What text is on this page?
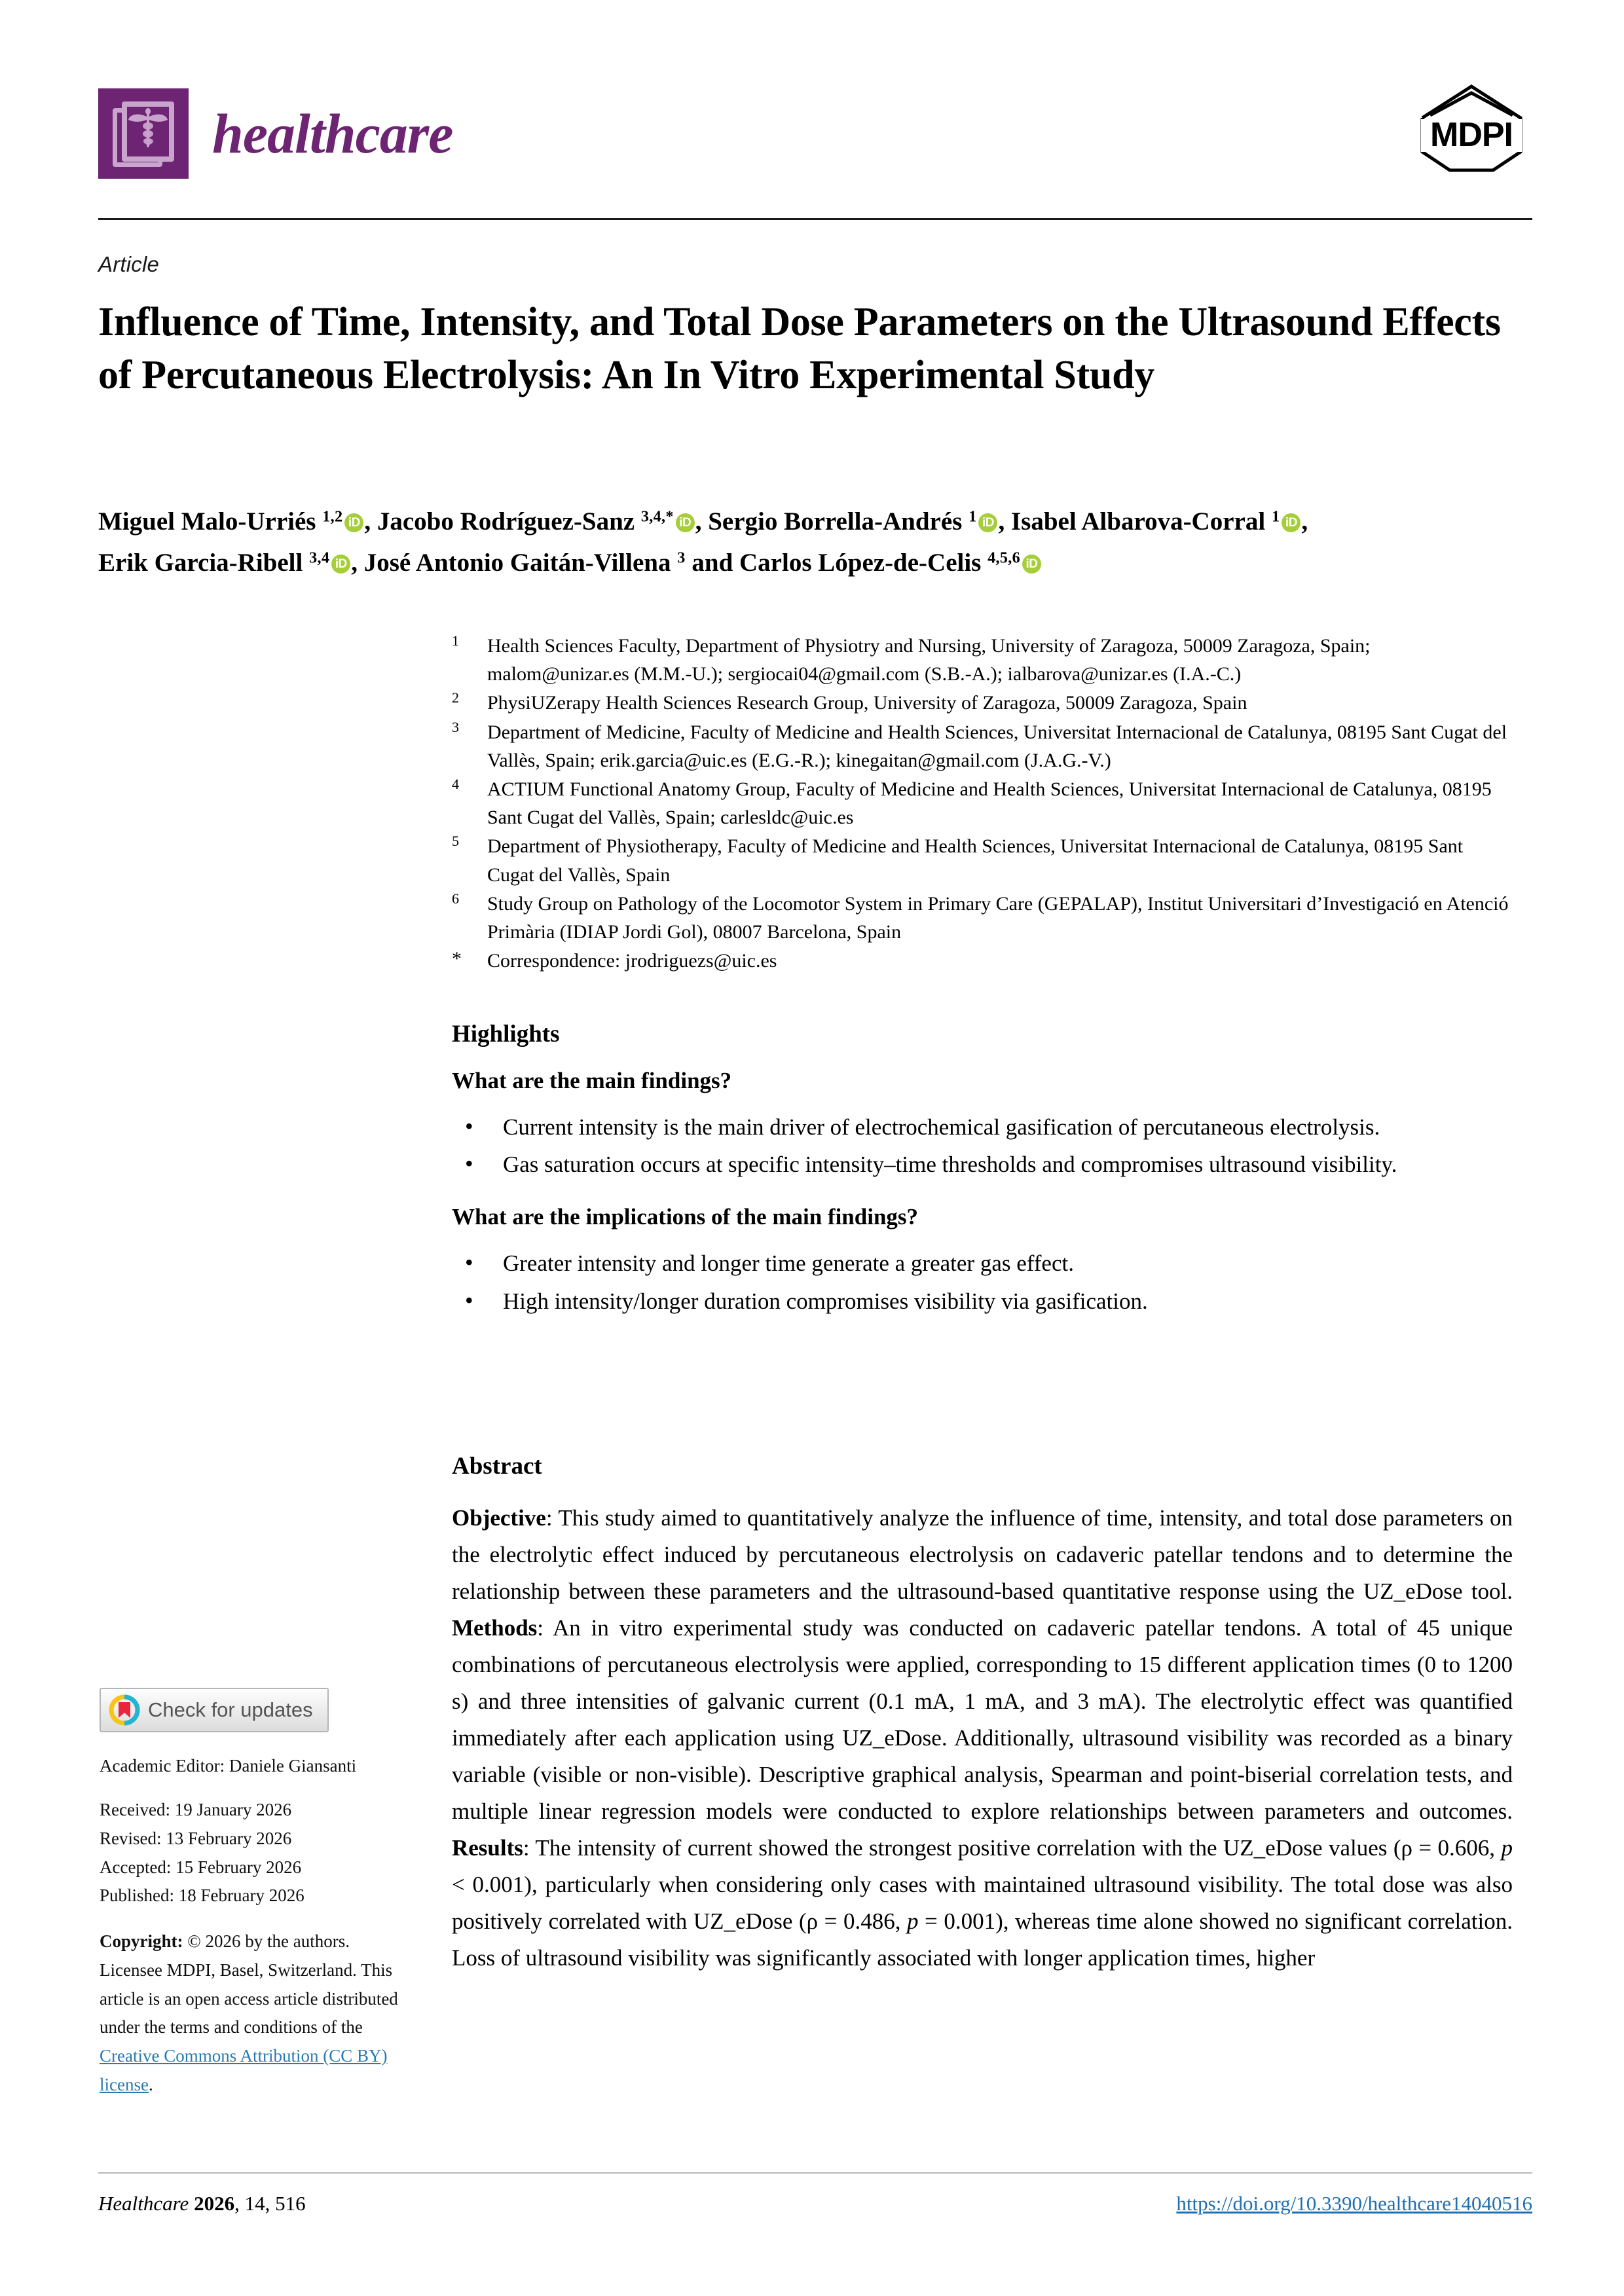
healthcare	MDPI
Article
Influence of Time, Intensity, and Total Dose Parameters on the Ultrasound Effects of Percutaneous Electrolysis: An In Vitro Experimental Study
Miguel Malo-Urriés $^{1,2}$ iD , Jacobo Rodríguez-Sanz $^{3,4,*}$ iD , Sergio Borrella-Andrés $^1$ iD , Isabel Albarova-Corral $^1$ iD ,
Erik Garcia-Ribell $^{3,4}$ iD , José Antonio Gaitán-Villena $^3$ and Carlos López-de-Celis $^{4,5,6}$ iD
1	Health Sciences Faculty, Department of Physiotry and Nursing, University of Zaragoza, 50009 Zaragoza, Spain; malom@unizar.es (M.M.-U.); sergiocai04@gmail.com (S.B.-A.); ialbarova@unizar.es (I.A.-C.)
2	PhysiUZerapy Health Sciences Research Group, University of Zaragoza, 50009 Zaragoza, Spain
3	Department of Medicine, Faculty of Medicine and Health Sciences, Universitat Internacional de Catalunya, 08195 Sant Cugat del Vallès, Spain; erik.garcia@uic.es (E.G.-R.); kinegaitan@gmail.com (J.A.G.-V.)
4	ACTIUM Functional Anatomy Group, Faculty of Medicine and Health Sciences, Universitat Internacional de Catalunya, 08195 Sant Cugat del Vallès, Spain; carlesldc@uic.es
5	Department of Physiotherapy, Faculty of Medicine and Health Sciences, Universitat Internacional de Catalunya, 08195 Sant Cugat del Vallès, Spain
6	Study Group on Pathology of the Locomotor System in Primary Care (GEPALAP), Institut Universitari d’Investigació en Atenció Primària (IDIAP Jordi Gol), 08007 Barcelona, Spain
*	Correspondence: jrodriguezs@uic.es
Highlights
What are the main findings?
• Current intensity is the main driver of electrochemical gasification of percutaneous electrolysis.
• Gas saturation occurs at specific intensity–time thresholds and compromises ultrasound visibility.
What are the implications of the main findings?
• Greater intensity and longer time generate a greater gas effect.
• High intensity/longer duration compromises visibility via gasification.
Abstract
Objective: This study aimed to quantitatively analyze the influence of time, intensity, and total dose parameters on the electrolytic effect induced by percutaneous electrolysis on cadaveric patellar tendons and to determine the relationship between these parameters and the ultrasound-based quantitative response using the UZ_eDose tool. Methods: An in vitro experimental study was conducted on cadaveric patellar tendons. A total of 45 unique combinations of percutaneous electrolysis were applied, corresponding to 15 different application times (0 to 1200 s) and three intensities of galvanic current (0.1 mA, 1 mA, and 3 mA). The electrolytic effect was quantified immediately after each application using UZ_eDose. Additionally, ultrasound visibility was recorded as a binary variable (visible or non-visible). Descriptive graphical analysis, Spearman and point-biserial correlation tests, and multiple linear regression models were conducted to explore relationships between parameters and outcomes. Results: The intensity of current showed the strongest positive correlation with the UZ_eDose values (ρ = 0.606, p < 0.001), particularly when considering only cases with maintained ultrasound visibility. The total dose was also positively correlated with UZ_eDose (ρ = 0.486, p = 0.001), whereas time alone showed no significant correlation. Loss of ultrasound visibility was significantly associated with longer application times, higher
Check for updates
Academic Editor: Daniele Giansanti
Received: 19 January 2026
Revised: 13 February 2026
Accepted: 15 February 2026
Published: 18 February 2026
Copyright: © 2026 by the authors. Licensee MDPI, Basel, Switzerland. This article is an open access article distributed under the terms and conditions of the Creative Commons Attribution (CC BY) license.
Healthcare 2026, 14, 516	https://doi.org/10.3390/healthcare14040516
